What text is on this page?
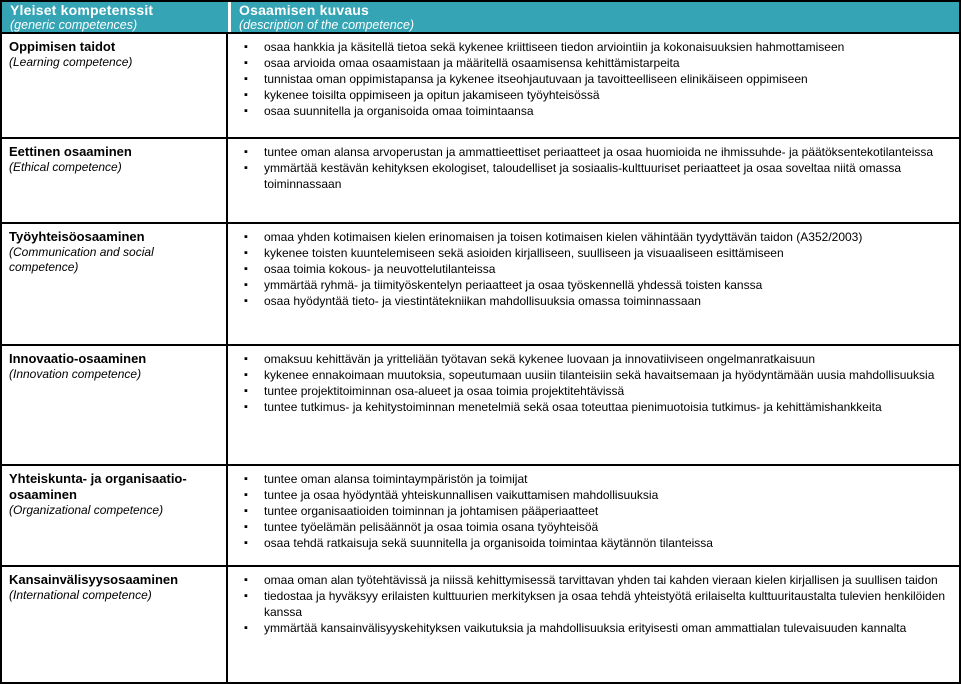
Yleiset kompetenssit
(generic competences)
Osaamisen kuvaus
(description of the competence)
Oppimisen taidot
(Learning competence)
▪	osaa hankkia ja käsitellä tietoa sekä kykenee kriittiseen tiedon arviointiin ja kokonaisuuksien hahmottamiseen
▪	osaa arvioida omaa osaamistaan ja määritellä osaamisensa kehittämistarpeita
▪	tunnistaa oman oppimistapansa ja kykenee itseohjautuvaan ja tavoitteelliseen elinikäiseen oppimiseen
▪	kykenee toisilta oppimiseen ja opitun jakamiseen työyhteisössä
▪	osaa suunnitella ja organisoida omaa toimintaansa
Eettinen osaaminen
(Ethical competence)
▪	tuntee oman alansa arvoperustan ja ammattieettiset periaatteet ja osaa huomioida ne ihmissuhde- ja päätöksentekotilanteissa
▪	ymmärtää kestävän kehityksen ekologiset, taloudelliset ja sosiaalis-kulttuuriset periaatteet ja osaa soveltaa niitä omassa toiminnassaan
Työyhteisöosaaminen
(Communication and social competence)
▪	omaa yhden kotimaisen kielen erinomaisen ja toisen kotimaisen kielen vähintään tyydyttävän taidon (A352/2003)
▪	kykenee toisten kuuntelemiseen sekä asioiden kirjalliseen, suulliseen ja visuaaliseen esittämiseen
▪	osaa toimia kokous- ja neuvottelutilanteissa
▪	ymmärtää ryhmä- ja tiimityöskentelyn periaatteet ja osaa työskennellä yhdessä toisten kanssa
▪	osaa hyödyntää tieto- ja viestintätekniikan mahdollisuuksia omassa toiminnassaan
Innovaatio-osaaminen
(Innovation competence)
▪	omaksuu kehittävän ja yritteliään työtavan sekä kykenee luovaan ja innovatiiviseen ongelmanratkaisuun
▪	kykenee ennakoimaan muutoksia, sopeutumaan uusiin tilanteisiin sekä havaitsemaan ja hyödyntämään uusia mahdollisuuksia
▪	tuntee projektitoiminnan osa-alueet ja osaa toimia projektitehtävissä
▪	tuntee tutkimus- ja kehitystoiminnan menetelmiä sekä osaa toteuttaa pienimuotoisia tutkimus- ja kehittämishankkeita
Yhteiskunta- ja organisaatio-osaaminen
(Organizational competence)
▪	tuntee oman alansa toimintaympäristön ja toimijat
▪	tuntee ja osaa hyödyntää yhteiskunnallisen vaikuttamisen mahdollisuuksia
▪	tuntee organisaatioiden toiminnan ja johtamisen pääperiaatteet
▪	tuntee työelämän pelisäännöt ja osaa toimia osana työyhteisöä
▪	osaa tehdä ratkaisuja sekä suunnitella ja organisoida toimintaa käytännön tilanteissa
Kansainvälisyysosaaminen
(International competence)
▪	omaa oman alan työtehtävissä ja niissä kehittymisessä tarvittavan yhden tai kahden vieraan kielen kirjallisen ja suullisen taidon
▪	tiedostaa ja hyväksyy erilaisten kulttuurien merkityksen ja osaa tehdä yhteistyötä erilaiselta kulttuuritaustalta tulevien henkilöiden kanssa
▪	ymmärtää kansainvälisyyskehityksen vaikutuksia ja mahdollisuuksia erityisesti oman ammattialan tulevaisuuden kannalta
